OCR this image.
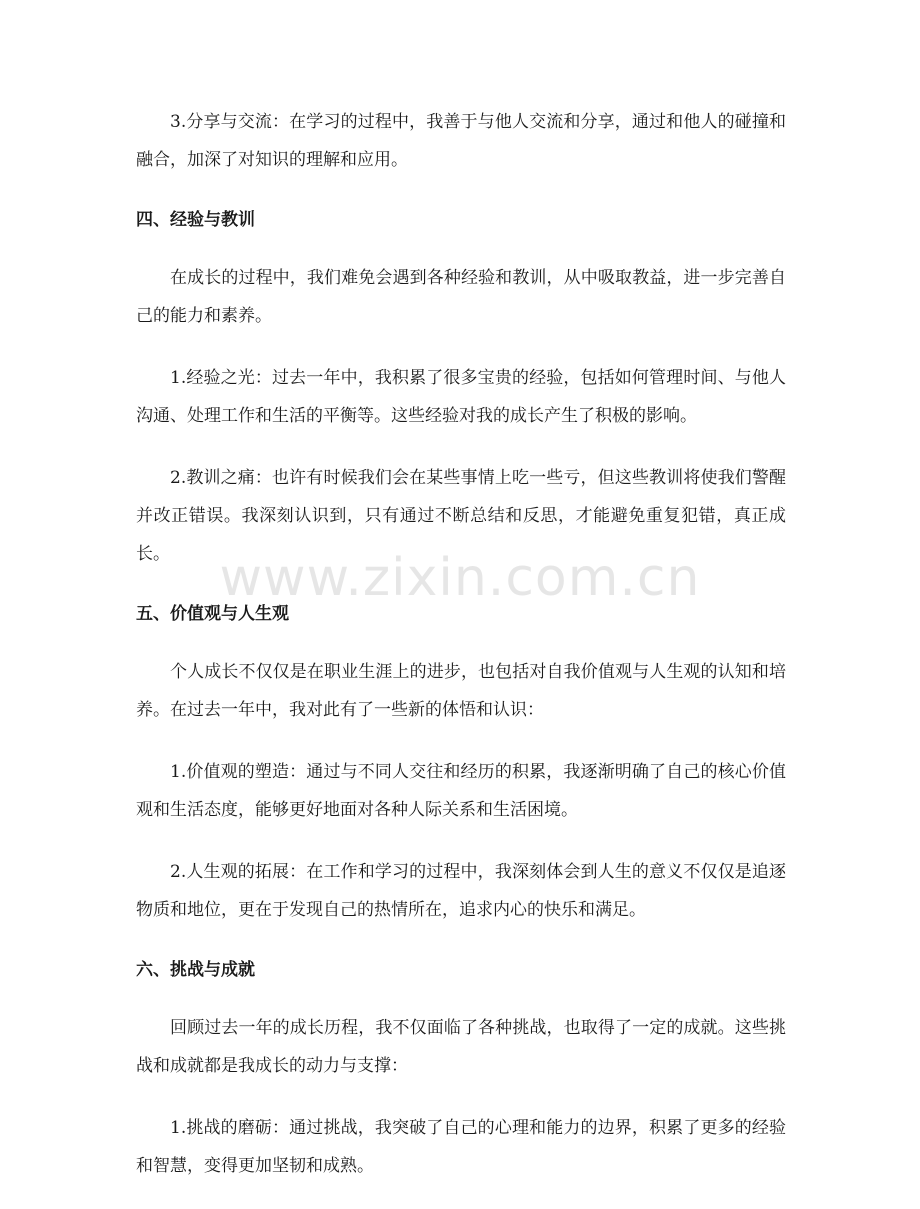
3.分享与交流：在学习的过程中，我善于与他人交流和分享，通过和他人的碰撞和融合，加深了对知识的理解和应用。

四、经验与教训

在成长的过程中，我们难免会遇到各种经验和教训，从中吸取教益，进一步完善自己的能力和素养。

1.经验之光：过去一年中，我积累了很多宝贵的经验，包括如何管理时间、与他人沟通、处理工作和生活的平衡等。这些经验对我的成长产生了积极的影响。

2.教训之痛：也许有时候我们会在某些事情上吃一些亏，但这些教训将使我们警醒并改正错误。我深刻认识到，只有通过不断总结和反思，才能避免重复犯错，真正成长。

五、价值观与人生观

个人成长不仅仅是在职业生涯上的进步，也包括对自我价值观与人生观的认知和培养。在过去一年中，我对此有了一些新的体悟和认识：

1.价值观的塑造：通过与不同人交往和经历的积累，我逐渐明确了自己的核心价值观和生活态度，能够更好地面对各种人际关系和生活困境。

2.人生观的拓展：在工作和学习的过程中，我深刻体会到人生的意义不仅仅是追逐物质和地位，更在于发现自己的热情所在，追求内心的快乐和满足。

六、挑战与成就

回顾过去一年的成长历程，我不仅面临了各种挑战，也取得了一定的成就。这些挑战和成就都是我成长的动力与支撑：

1.挑战的磨砺：通过挑战，我突破了自己的心理和能力的边界，积累了更多的经验和智慧，变得更加坚韧和成熟。

www.zixin.com.cn
